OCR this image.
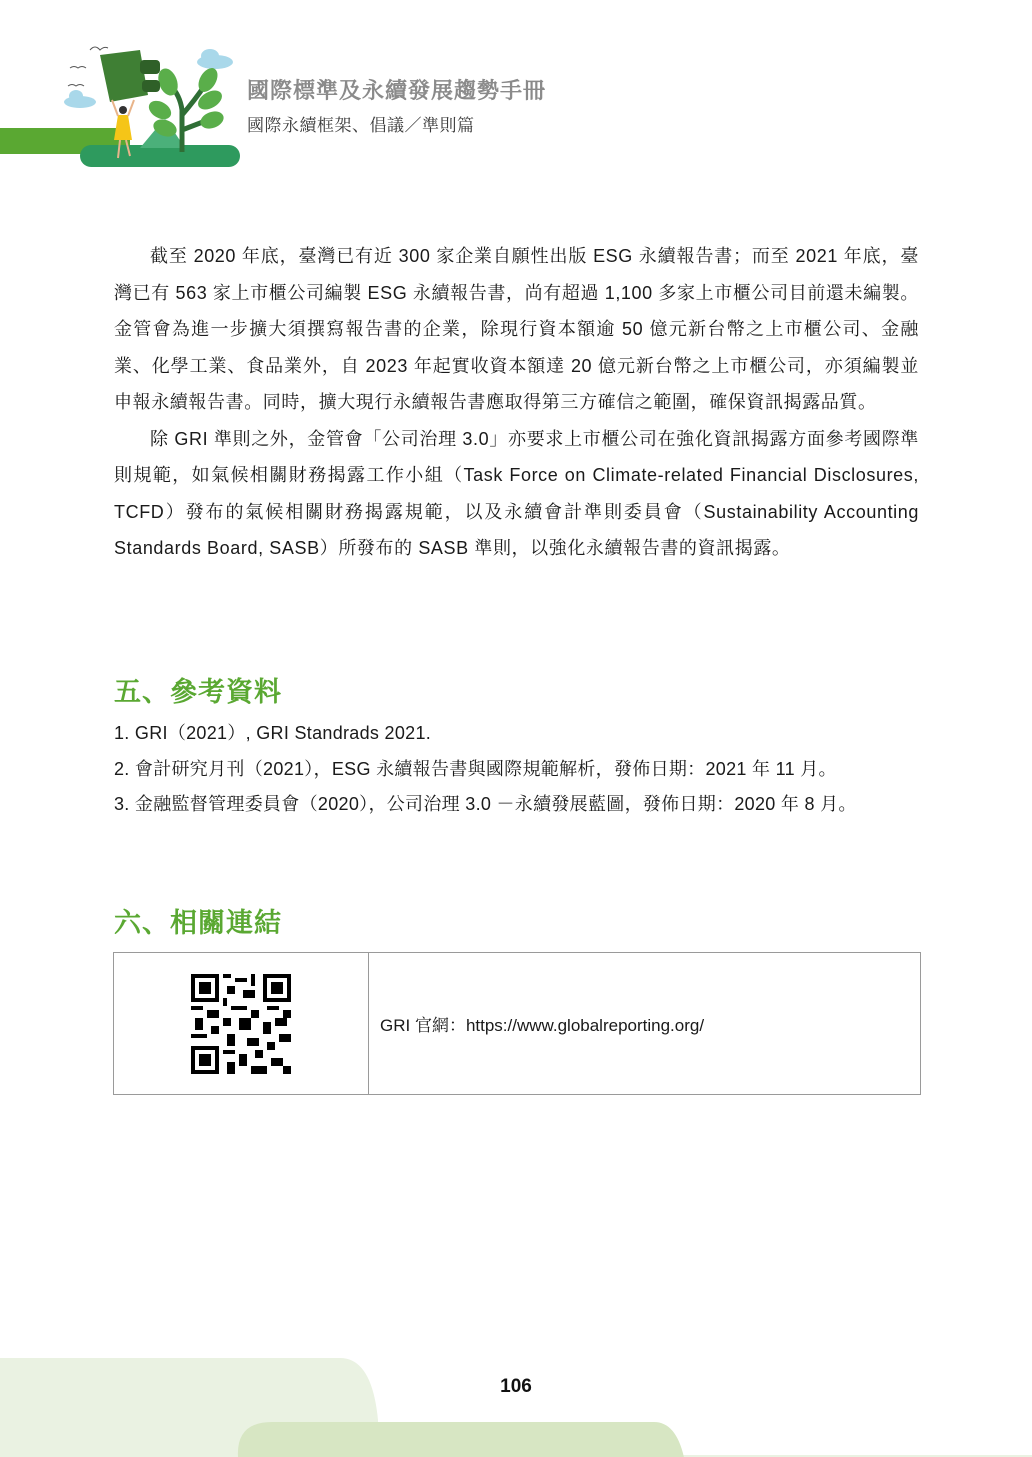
國際標準及永續發展趨勢手冊
國際永續框架、倡議／準則篇

截至 2020 年底，臺灣已有近 300 家企業自願性出版 ESG 永續報告書；而至 2021 年底，臺灣已有 563 家上市櫃公司編製 ESG 永續報告書，尚有超過 1,100 多家上市櫃公司目前還未編製。金管會為進一步擴大須撰寫報告書的企業，除現行資本額逾 50 億元新台幣之上市櫃公司、金融業、化學工業、食品業外，自 2023 年起實收資本額達 20 億元新台幣之上市櫃公司，亦須編製並申報永續報告書。同時，擴大現行永續報告書應取得第三方確信之範圍，確保資訊揭露品質。

除 GRI 準則之外，金管會「公司治理 3.0」亦要求上市櫃公司在強化資訊揭露方面參考國際準則規範，如氣候相關財務揭露工作小組（Task Force on Climate-related Financial Disclosures, TCFD）發布的氣候相關財務揭露規範，以及永續會計準則委員會（Sustainability Accounting Standards Board, SASB）所發布的 SASB 準則，以強化永續報告書的資訊揭露。

五、參考資料

1. GRI（2021）, GRI Standrads 2021.

2. 會計研究月刊（2021），ESG 永續報告書與國際規範解析，發佈日期：2021 年 11 月。

3. 金融監督管理委員會（2020），公司治理 3.0 －永續發展藍圖，發佈日期：2020 年 8 月。

六、相關連結
GRI 官網：https://www.globalreporting.org/
106
